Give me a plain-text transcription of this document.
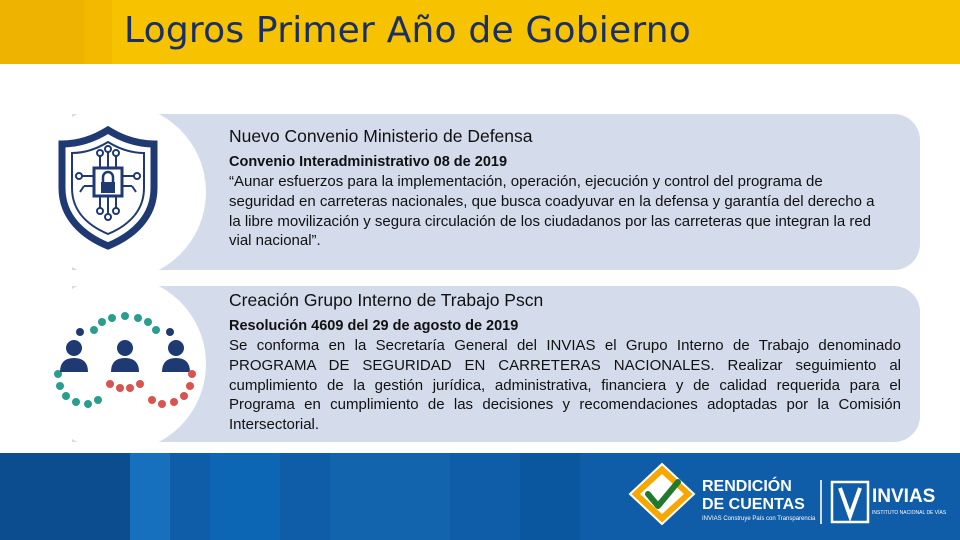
Logros Primer Año de Gobierno
Nuevo Convenio Ministerio de Defensa

Convenio Interadministrativo 08 de 2019

“Aunar esfuerzos para la implementación, operación, ejecución y control del programa de seguridad en carreteras nacionales, que busca coadyuvar en la defensa y garantía del derecho a la libre movilización y segura circulación de los ciudadanos por las carreteras que integran la red vial nacional”.

Creación Grupo Interno de Trabajo Pscn

Resolución 4609 del 29 de agosto de 2019

Se conforma en la Secretaría General del INVIAS el Grupo Interno de Trabajo denominado PROGRAMA DE SEGURIDAD EN CARRETERAS NACIONALES. Realizar seguimiento al cumplimiento de la gestión jurídica, administrativa, financiera y de calidad requerida para el Programa en cumplimiento de las decisiones y recomendaciones adoptadas por la Comisión Intersectorial.

RENDICIÓN
DE CUENTAS
INVIAS Construye País con Transparencia
INVIAS
INSTITUTO NACIONAL DE VÍAS
